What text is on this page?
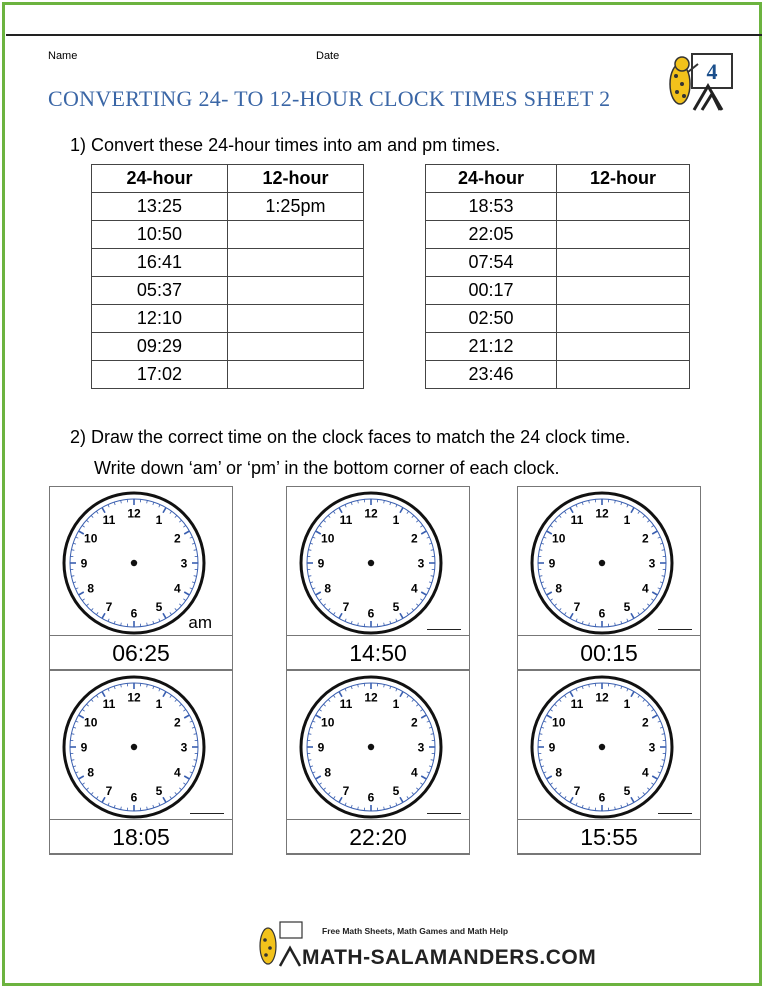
Name	Date
CONVERTING 24- TO 12-HOUR CLOCK TIMES SHEET 2
4
1) Convert these 24-hour times into am and pm times.
24-hour	12-hour
13:25	1:25pm
10:50	
16:41	
05:37	
12:10	
09:29	
17:02	
24-hour	12-hour
18:53	
22:05	
07:54	
00:17	
02:50	
21:12	
23:46	
2) Draw the correct time on the clock faces to match the 24 clock time.
Write down ‘am’ or ‘pm’ in the bottom corner of each clock.
1
2
3
4
5
6
7
8
9
10
11 12
am
06:25
1
2
3
4
5
6
7
8
9
10
11 12
14:50
1
2
3
4
5
6
7
8
9
10
11 12
00:15
1
2
3
4
5
6
7
8
9
10
11 12
18:05
1
2
3
4
5
6
7
8
9
10
11 12
22:20
1
2
3
4
5
6
7
8
9
10
11 12
15:55
Free Math Sheets, Math Games and Math Help
MATH-SALAMANDERS.COM
